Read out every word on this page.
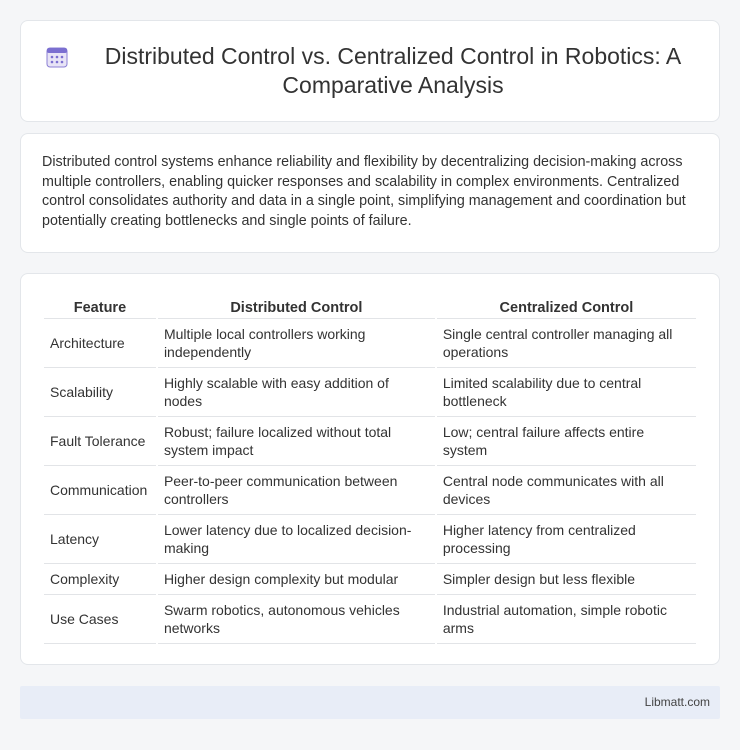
Distributed Control vs. Centralized Control in Robotics: A Comparative Analysis

Distributed control systems enhance reliability and flexibility by decentralizing decision-making across multiple controllers, enabling quicker responses and scalability in complex environments. Centralized control consolidates authority and data in a single point, simplifying management and coordination but potentially creating bottlenecks and single points of failure.

Feature	Distributed Control	Centralized Control
Architecture	Multiple local controllers working independently	Single central controller managing all operations
Scalability	Highly scalable with easy addition of nodes	Limited scalability due to central bottleneck
Fault Tolerance	Robust; failure localized without total system impact	Low; central failure affects entire system
Communication	Peer-to-peer communication between controllers	Central node communicates with all devices
Latency	Lower latency due to localized decision-making	Higher latency from centralized processing
Complexity	Higher design complexity but modular	Simpler design but less flexible
Use Cases	Swarm robotics, autonomous vehicles networks	Industrial automation, simple robotic arms
Libmatt.com
